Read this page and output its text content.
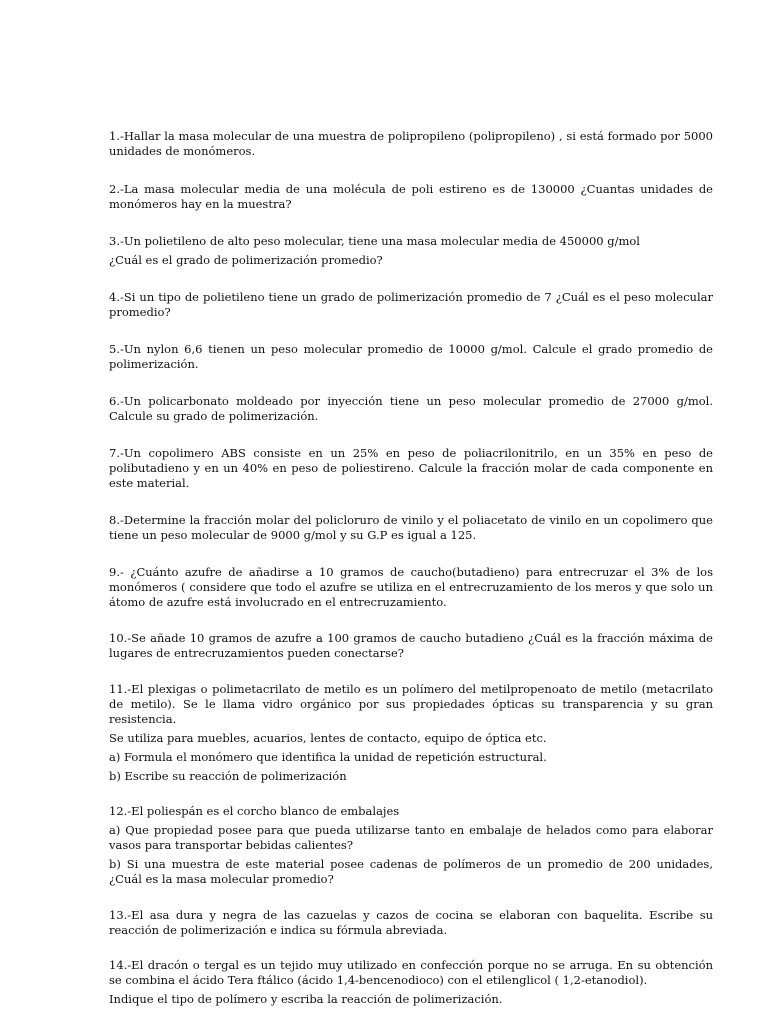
1.-Hallar la masa molecular de una muestra de polipropileno (polipropileno) , si está formado por 5000 unidades de monómeros.

2.-La masa molecular media de una molécula de poli estireno es de 130000 ¿Cuantas unidades de monómeros hay en la muestra?

3.-Un polietileno de alto peso molecular, tiene una masa molecular media de 450000 g/mol

¿Cuál es el grado de polimerización promedio?

4.-Si un tipo de polietileno tiene un grado de polimerización promedio de 7 ¿Cuál es el peso molecular promedio?

5.-Un nylon 6,6 tienen un peso molecular promedio de 10000 g/mol. Calcule el grado promedio de polimerización.

6.-Un policarbonato moldeado por inyección tiene un peso molecular promedio de 27000 g/mol. Calcule su grado de polimerización.

7.-Un copolimero ABS consiste en un 25% en peso de poliacrilonitrilo, en un 35% en peso de polibutadieno y en un 40% en peso de poliestireno. Calcule la fracción molar de cada componente en este material.

8.-Determine la fracción molar del policloruro de vinilo y el poliacetato de vinilo en un copolimero que tiene un peso molecular de 9000 g/mol y su G.P es igual a 125.

9.- ¿Cuánto azufre de añadirse a 10 gramos de caucho(butadieno) para entrecruzar el 3% de los monómeros ( considere que todo el azufre se utiliza en el entrecruzamiento de los meros y que solo un átomo de azufre está involucrado en el entrecruzamiento.

10.-Se añade 10 gramos de azufre a 100 gramos de caucho butadieno ¿Cuál es la fracción máxima de lugares de entrecruzamientos pueden conectarse?

11.-El plexigas o polimetacrilato de metilo es un polímero del metilpropenoato de metilo (metacrilato de metilo). Se le llama vidro orgánico por sus propiedades ópticas su transparencia y su gran resistencia.

Se utiliza para muebles, acuarios, lentes de contacto, equipo de óptica etc.

a) Formula el monómero que identifica la unidad de repetición estructural.

b) Escribe su reacción de polimerización

12.-El poliespán es el corcho blanco de embalajes

a) Que propiedad posee para que pueda utilizarse tanto en embalaje de helados como para elaborar vasos para transportar bebidas calientes?

b) Si una muestra de este material posee cadenas de polímeros de un promedio de 200 unidades, ¿Cuál es la masa molecular promedio?

13.-El asa dura y negra de las cazuelas y cazos de cocina se elaboran con baquelita. Escribe su reacción de polimerización e indica su fórmula abreviada.

14.-El dracón o tergal es un tejido muy utilizado en confección porque no se arruga. En su obtención se combina el ácido Tera ftálico (ácido 1,4-bencenodioco) con el etilenglicol ( 1,2-etanodiol).

Indique el tipo de polímero y escriba la reacción de polimerización.
